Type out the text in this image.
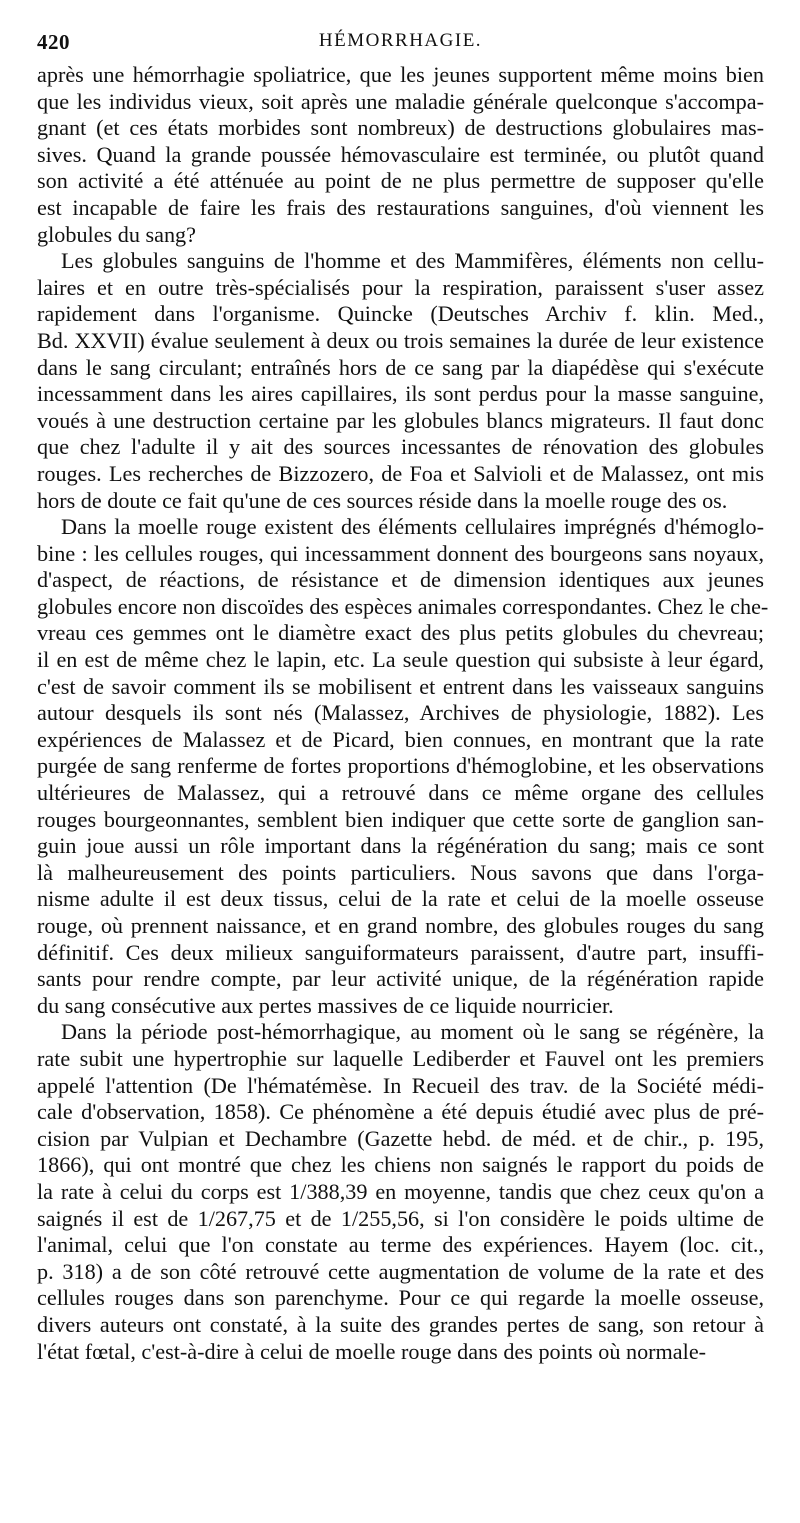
420	HÉMORRHAGIE.

après une hémorrhagie spoliatrice, que les jeunes supportent même moins bien
que les individus vieux, soit après une maladie générale quelconque s'accompa-
gnant (et ces états morbides sont nombreux) de destructions globulaires mas-
sives. Quand la grande poussée hémovasculaire est terminée, ou plutôt quand
son activité a été atténuée au point de ne plus permettre de supposer qu'elle
est incapable de faire les frais des restaurations sanguines, d'où viennent les
globules du sang?

Les globules sanguins de l'homme et des Mammifères, éléments non cellu-
laires et en outre très-spécialisés pour la respiration, paraissent s'user assez
rapidement dans l'organisme. Quincke (Deutsches Archiv f. klin. Med.,
Bd. XXVII) évalue seulement à deux ou trois semaines la durée de leur existence
dans le sang circulant; entraînés hors de ce sang par la diapédèse qui s'exécute
incessamment dans les aires capillaires, ils sont perdus pour la masse sanguine,
voués à une destruction certaine par les globules blancs migrateurs. Il faut donc
que chez l'adulte il y ait des sources incessantes de rénovation des globules
rouges. Les recherches de Bizzozero, de Foa et Salvioli et de Malassez, ont mis
hors de doute ce fait qu'une de ces sources réside dans la moelle rouge des os.

Dans la moelle rouge existent des éléments cellulaires imprégnés d'hémoglo-
bine : les cellules rouges, qui incessamment donnent des bourgeons sans noyaux,
d'aspect, de réactions, de résistance et de dimension identiques aux jeunes
globules encore non discoïdes des espèces animales correspondantes. Chez le che-
vreau ces gemmes ont le diamètre exact des plus petits globules du chevreau;
il en est de même chez le lapin, etc. La seule question qui subsiste à leur égard,
c'est de savoir comment ils se mobilisent et entrent dans les vaisseaux sanguins
autour desquels ils sont nés (Malassez, Archives de physiologie, 1882). Les
expériences de Malassez et de Picard, bien connues, en montrant que la rate
purgée de sang renferme de fortes proportions d'hémoglobine, et les observations
ultérieures de Malassez, qui a retrouvé dans ce même organe des cellules
rouges bourgeonnantes, semblent bien indiquer que cette sorte de ganglion san-
guin joue aussi un rôle important dans la régénération du sang; mais ce sont
là malheureusement des points particuliers. Nous savons que dans l'orga-
nisme adulte il est deux tissus, celui de la rate et celui de la moelle osseuse
rouge, où prennent naissance, et en grand nombre, des globules rouges du sang
définitif. Ces deux milieux sanguiformateurs paraissent, d'autre part, insuffi-
sants pour rendre compte, par leur activité unique, de la régénération rapide
du sang consécutive aux pertes massives de ce liquide nourricier.

Dans la période post-hémorrhagique, au moment où le sang se régénère, la
rate subit une hypertrophie sur laquelle Lediberder et Fauvel ont les premiers
appelé l'attention (De l'hématémèse. In Recueil des trav. de la Société médi-
cale d'observation, 1858). Ce phénomène a été depuis étudié avec plus de pré-
cision par Vulpian et Dechambre (Gazette hebd. de méd. et de chir., p. 195,
1866), qui ont montré que chez les chiens non saignés le rapport du poids de
la rate à celui du corps est 1/388,39 en moyenne, tandis que chez ceux qu'on a
saignés il est de 1/267,75 et de 1/255,56, si l'on considère le poids ultime de
l'animal, celui que l'on constate au terme des expériences. Hayem (loc. cit.,
p. 318) a de son côté retrouvé cette augmentation de volume de la rate et des
cellules rouges dans son parenchyme. Pour ce qui regarde la moelle osseuse,
divers auteurs ont constaté, à la suite des grandes pertes de sang, son retour à
l'état fœtal, c'est-à-dire à celui de moelle rouge dans des points où normale-
